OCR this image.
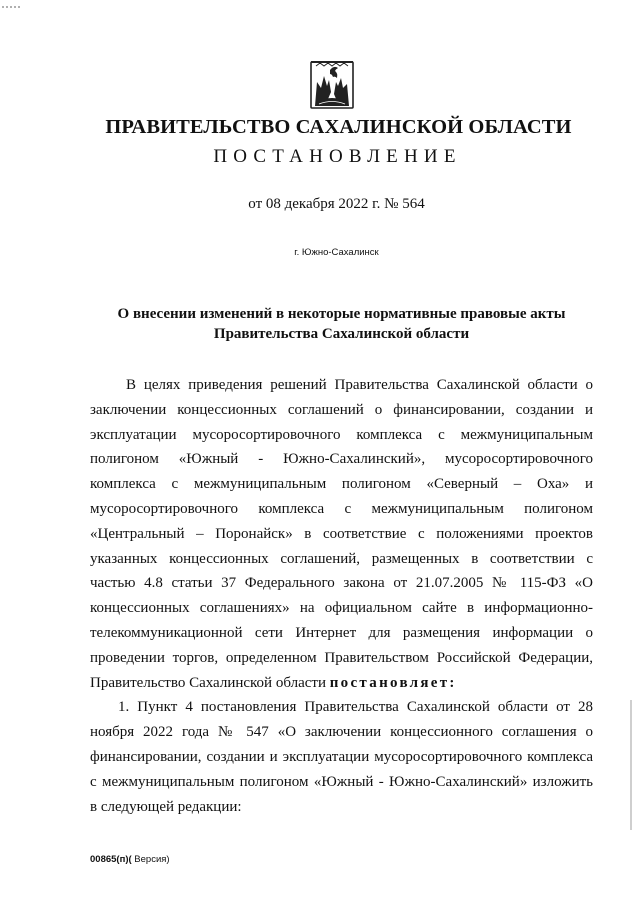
ПРАВИТЕЛЬСТВО САХАЛИНСКОЙ ОБЛАСТИ
ПОСТАНОВЛЕНИЕ
от 08 декабря 2022 г. № 564
г. Южно-Сахалинск
О внесении изменений в некоторые нормативные правовые акты
Правительства Сахалинской области
В целях приведения решений Правительства Сахалинской области о
заключении концессионных соглашений о финансировании, создании и
эксплуатации мусоросортировочного комплекса с межмуниципальным
полигоном «Южный - Южно-Сахалинский», мусоросортировочного
комплекса с межмуниципальным полигоном «Северный – Оха» и
мусоросортировочного комплекса с межмуниципальным полигоном
«Центральный – Поронайск» в соответствие с положениями проектов
указанных концессионных соглашений, размещенных в соответствии с
частью 4.8 статьи 37 Федерального закона от 21.07.2005 № 115-ФЗ «О
концессионных соглашениях» на официальном сайте в информационно-
телекоммуникационной сети Интернет для размещения информации о
проведении торгов, определенном Правительством Российской Федерации,
Правительство Сахалинской области постановляет:
1. Пункт 4 постановления Правительства Сахалинской области от 28
ноября 2022 года № 547 «О заключении концессионного соглашения о
финансировании, создании и эксплуатации мусоросортировочного комплекса
с межмуниципальным полигоном «Южный - Южно-Сахалинский» изложить
в следующей редакции:
00865(п)( Версия)
